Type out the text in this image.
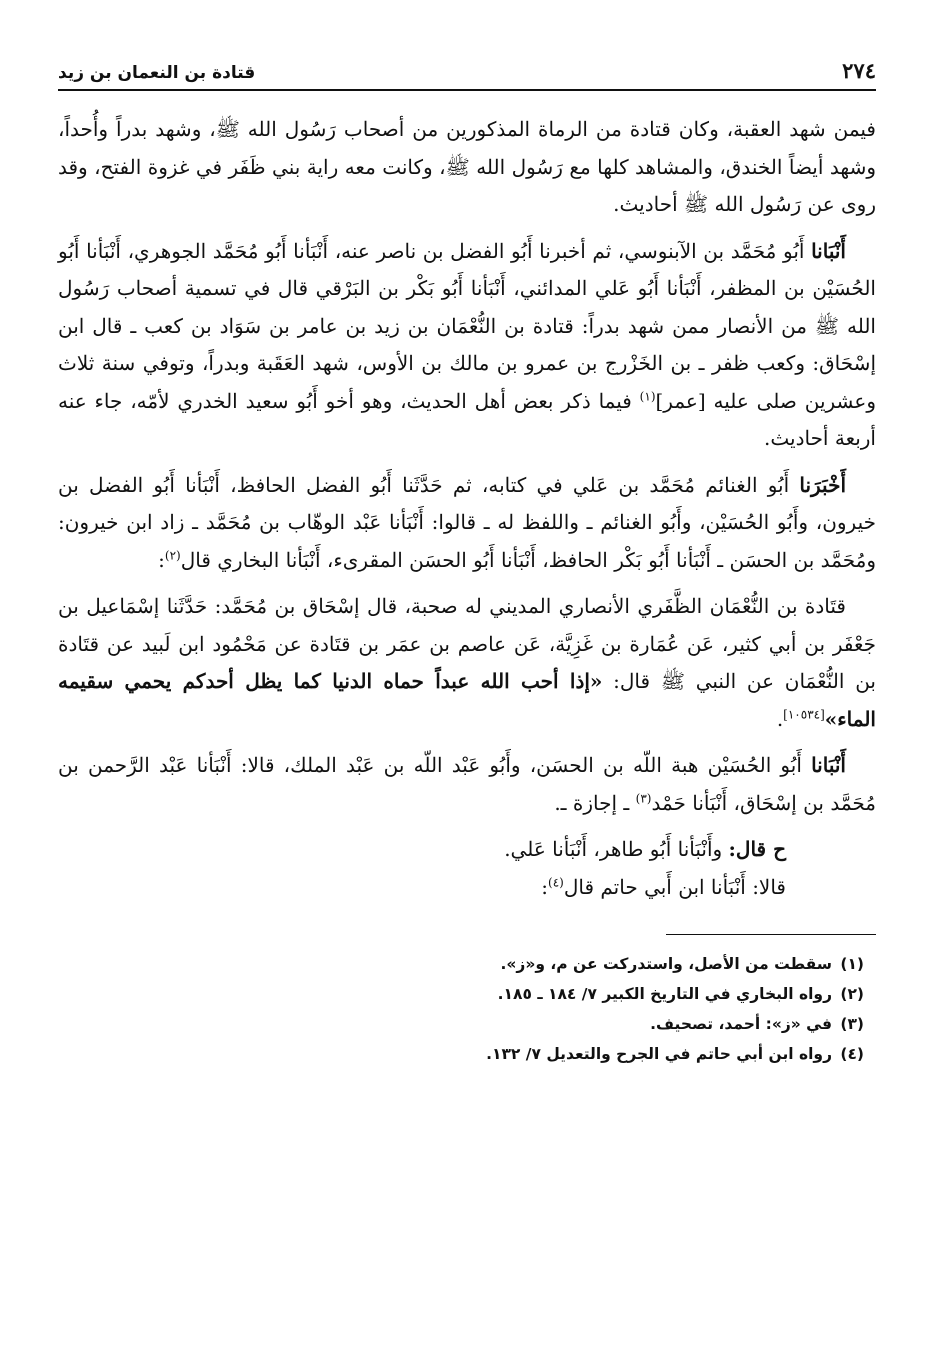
٢٧٤
قتادة بن النعمان بن زيد

فيمن شهد العقبة، وكان قتادة من الرماة المذكورين من أصحاب رَسُول الله ﷺ، وشهد بدراً وأُحداً، وشهد أيضاً الخندق، والمشاهد كلها مع رَسُول الله ﷺ، وكانت معه راية بني ظَفَر في غزوة الفتح، وقد روى عن رَسُول الله ﷺ أحاديث.

أَنْبَانا أَبُو مُحَمَّد بن الآبنوسي، ثم أخبرنا أَبُو الفضل بن ناصر عنه، أَنْبَأنا أَبُو مُحَمَّد الجوهري، أَنْبَأنا أَبُو الحُسَيْن بن المظفر، أَنْبَأنا أَبُو عَلي المدائني، أَنْبَأنا أَبُو بَكْر بن البَرْقي قال في تسمية أصحاب رَسُول الله ﷺ من الأنصار ممن شهد بدراً: قتادة بن النُّعْمَان بن زيد بن عامر بن سَوَاد بن كعب ـ قال ابن إسْحَاق: وكعب ظفر ـ بن الخَزْرج بن عمرو بن مالك بن الأوس، شهد العَقَبة وبدراً، وتوفي سنة ثلاث وعشرين صلى عليه [عمر]$^{(١)}$ فيما ذكر بعض أهل الحديث، وهو أخو أَبُو سعيد الخدري لأمّه، جاء عنه أربعة أحاديث.

أَخْبَرَنا أَبُو الغنائم مُحَمَّد بن عَلي في كتابه، ثم حَدَّثَنا أَبُو الفضل الحافظ، أَنْبَأنا أَبُو الفضل بن خيرون، وأَبُو الحُسَيْن، وأَبُو الغنائم ـ واللفظ له ـ قالوا: أَنْبَأنا عَبْد الوهّاب بن مُحَمَّد ـ زاد ابن خيرون: ومُحَمَّد بن الحسَن ـ أَنْبَأنا أَبُو بَكْر الحافظ، أَنْبَأنا أَبُو الحسَن المقرىء، أَنْبَأنا البخاري قال$^{(٢)}$:

قتَادة بن النُّعْمَان الظَّفَري الأنصاري المديني له صحبة، قال إسْحَاق بن مُحَمَّد: حَدَّثَنا إسْمَاعيل بن جَعْفَر بن أبي كثير، عَن عُمَارة بن غَزِيَّة، عَن عاصم بن عمَر بن قتَادة عن مَحْمُود ابن لَبيد عن قتَادة بن النُّعْمَان عن النبي ﷺ قال: «إذا أحب الله عبداً حماه الدنيا كما يظل أحدكم يحمي سقيمه الماء»[١٠٥٣٤].

أَنْبَانا أَبُو الحُسَيْن هبة اللّه بن الحسَن، وأَبُو عَبْد اللّه بن عَبْد الملك، قالا: أَنْبَأنا عَبْد الرَّحمن بن مُحَمَّد بن إسْحَاق، أَنْبَأنا حَمْد$^{(٣)}$ ـ إجازة ـ.

ح قال: وأَنْبَأنا أَبُو طاهر، أَنْبَأنا عَلي.

قالا: أَنْبَأنا ابن أَبي حاتم قال$^{(٤)}$:

(١)سقطت من الأصل، واستدركت عن م، و«ز».

(٢)رواه البخاري في التاريخ الكبير ٧/ ١٨٤ ـ ١٨٥.

(٣)في «ز»: أحمد، تصحيف.

(٤)رواه ابن أبي حاتم في الجرح والتعديل ٧/ ١٣٢.
